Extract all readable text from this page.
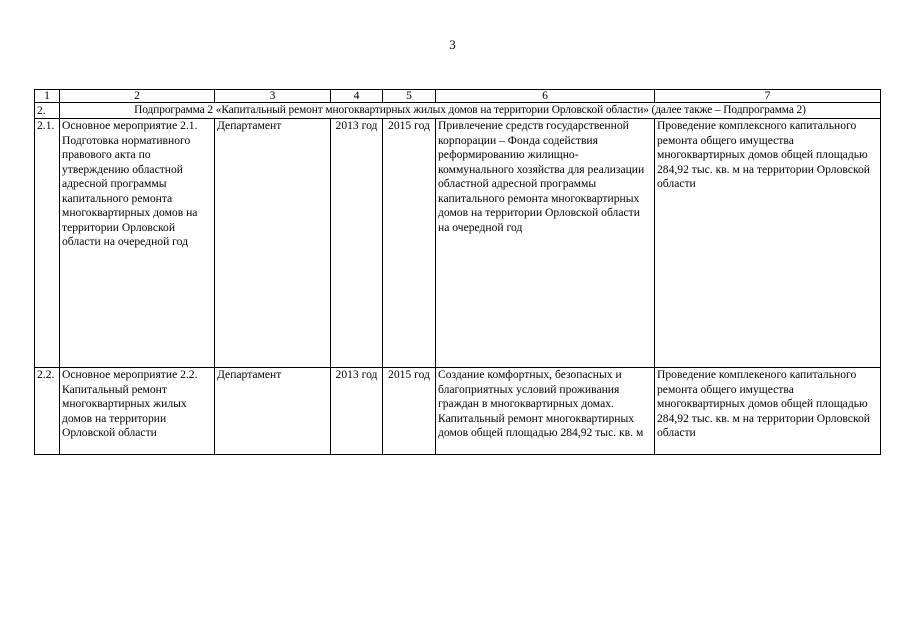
3
1	2	3	4	5	6	7
2.	Подпрограмма 2 «Капитальный ремонт многоквартирных жилых домов на территории Орловской области» (далее также – Подпрограмма 2)					
2.1.	Основное мероприятие 2.1. Подготовка нормативного правового акта по утверждению областной адресной программы капитального ремонта многоквартирных домов на территории Орловской области на очередной год	Департамент	2013 год	2015 год	Привлечение средств государственной корпорации – Фонда содействия реформированию жилищно-коммунального хозяйства для реализации областной адресной программы капитального ремонта многоквартирных домов на территории Орловской области на очередной год	Проведение комплексного капитального ремонта общего имущества многоквартирных домов общей площадью 284,92 тыс. кв. м на территории Орловской области
2.2.	Основное мероприятие 2.2. Капитальный ремонт многоквартирных жилых домов на территории Орловской области	Департамент	2013 год	2015 год	Создание комфортных, безопасных и благоприятных условий проживания граждан в многоквартирных домах. Капитальный ремонт многоквартирных домов общей площадью 284,92 тыс. кв. м	Проведение комплекеного капитального ремонта общего имущества многоквартирных домов общей площадью 284,92 тыс. кв. м на территории Орловской области
